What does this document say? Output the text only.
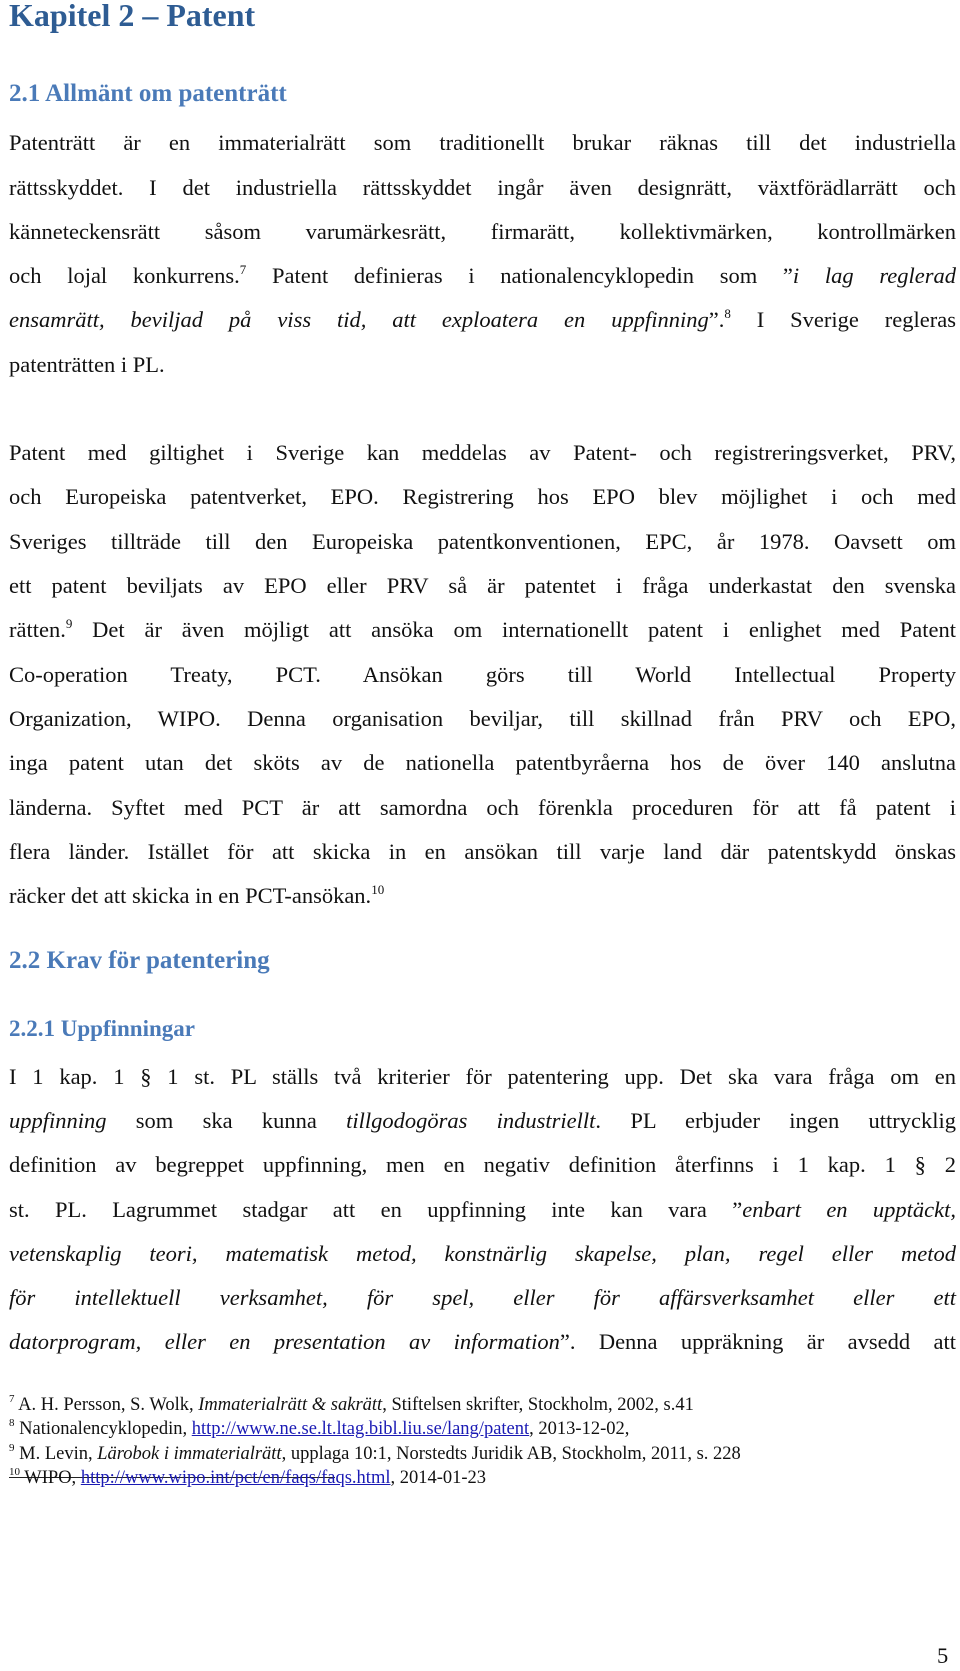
Kapitel 2 – Patent
2.1 Allmänt om patenträtt
Patenträtt är en immaterialrätt som traditionellt brukar räknas till det industriella
rättsskyddet. I det industriella rättsskyddet ingår även designrätt, växtförädlarrätt och
känneteckensrätt såsom varumärkesrätt, firmarätt, kollektivmärken, kontrollmärken
och lojal konkurrens.$^7$ Patent definieras i nationalencyklopedin som ”i lag reglerad
ensamrätt, beviljad på viss tid, att exploatera en uppfinning”.$^8$ I Sverige regleras
patenträtten i PL.
Patent med giltighet i Sverige kan meddelas av Patent- och registreringsverket, PRV,
och Europeiska patentverket, EPO. Registrering hos EPO blev möjlighet i och med
Sveriges tillträde till den Europeiska patentkonventionen, EPC, år 1978. Oavsett om
ett patent beviljats av EPO eller PRV så är patentet i fråga underkastat den svenska
rätten.$^9$ Det är även möjligt att ansöka om internationellt patent i enlighet med Patent
Co-operation Treaty, PCT. Ansökan görs till World Intellectual Property
Organization, WIPO. Denna organisation beviljar, till skillnad från PRV och EPO,
inga patent utan det sköts av de nationella patentbyråerna hos de över 140 anslutna
länderna. Syftet med PCT är att samordna och förenkla proceduren för att få patent i
flera länder. Istället för att skicka in en ansökan till varje land där patentskydd önskas
räcker det att skicka in en PCT-ansökan.$^{10}$
2.2 Krav för patentering
2.2.1 Uppfinningar
I 1 kap. 1 § 1 st. PL ställs två kriterier för patentering upp. Det ska vara fråga om en
uppfinning som ska kunna tillgodogöras industriellt. PL erbjuder ingen uttrycklig
definition av begreppet uppfinning, men en negativ definition återfinns i 1 kap. 1 § 2
st. PL. Lagrummet stadgar att en uppfinning inte kan vara ”enbart en upptäckt,
vetenskaplig teori, matematisk metod, konstnärlig skapelse, plan, regel eller metod
för intellektuell verksamhet, för spel, eller för affärsverksamhet eller ett
datorprogram, eller en presentation av information”. Denna uppräkning är avsedd att
$^7$ A. H. Persson, S. Wolk, Immaterialrätt & sakrätt, Stiftelsen skrifter, Stockholm, 2002, s.41
$^8$ Nationalencyklopedin, http://www.ne.se.lt.ltag.bibl.liu.se/lang/patent, 2013-12-02,
$^9$ M. Levin, Lärobok i immaterialrätt, upplaga 10:1, Norstedts Juridik AB, Stockholm, 2011, s. 228
$^{10}$ WIPO, http://www.wipo.int/pct/en/faqs/faqs.html, 2014-01-23
5
